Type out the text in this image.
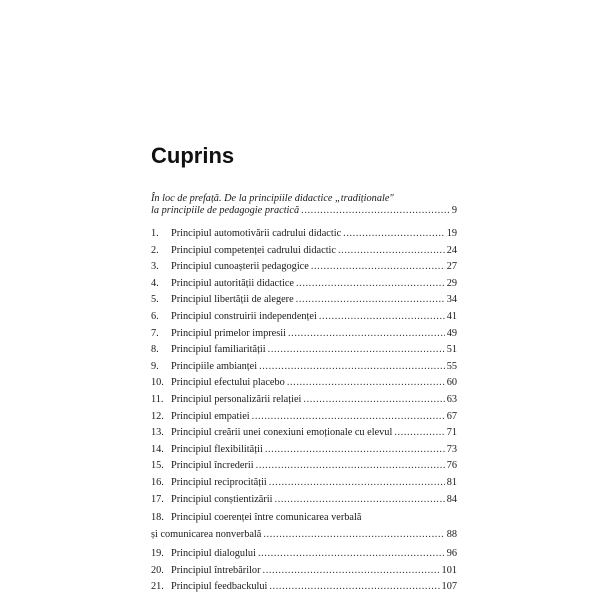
Cuprins
În loc de prefață. De la principiile didactice „tradiționale"
la principiile de pedagogie practică .....	9
1.	Principiul automotivării cadrului didactic .....	19
2.	Principiul competenței cadrului didactic .....	24
3.	Principiul cunoașterii pedagogice .....	27
4.	Principiul autorității didactice .....	29
5.	Principiul libertății de alegere .....	34
6.	Principiul construirii independenței .....	41
7.	Principiul primelor impresii .....	49
8.	Principiul familiarității .....	51
9.	Principiile ambianței .....	55
10. Principiul efectului placebo .....	60
11. Principiul personalizării relației .....	63
12. Principiul empatiei .....	67
13. Principiul creării unei conexiuni emoționale cu elevul .....	71
14. Principiul flexibilității .....	73
15. Principiul încrederii .....	76
16. Principiul reciprocității .....	81
17. Principiul conștientizării .....	84
18. Principiul coerenței între comunicarea verbală
și comunicarea nonverbală .....	88
19. Principiul dialogului .....	96
20. Principiul întrebărilor .....	101
21. Principiul feedbackului .....	107
